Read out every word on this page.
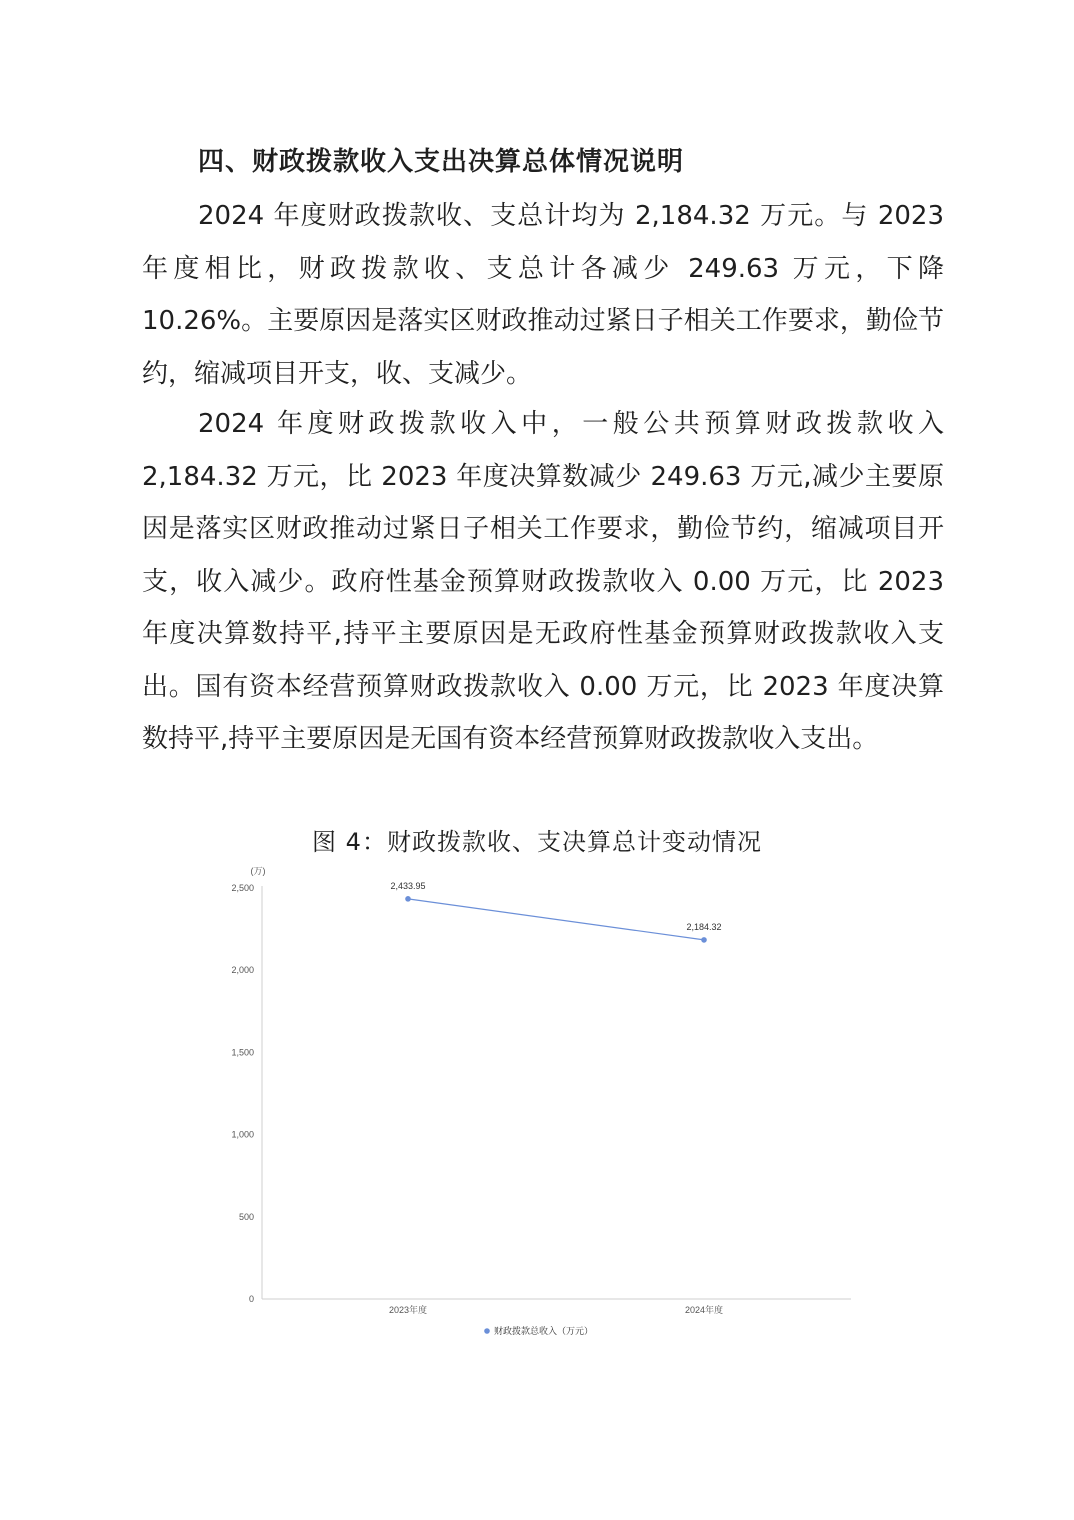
四、财政拨款收入支出决算总体情况说明

2024 年度财政拨款收、支总计均为 2,184.32 万元。与 2023 年度相比，财政拨款收、支总计各减少 249.63 万元，下降 10.26%。主要原因是落实区财政推动过紧日子相关工作要求，勤俭节约，缩减项目开支，收、支减少。

2024 年度财政拨款收入中，一般公共预算财政拨款收入 2,184.32 万元，比 2023 年度决算数减少 249.63 万元,减少主要原因是落实区财政推动过紧日子相关工作要求，勤俭节约，缩减项目开支，收入减少。政府性基金预算财政拨款收入 0.00 万元，比 2023 年度决算数持平,持平主要原因是无政府性基金预算财政拨款收入支出。国有资本经营预算财政拨款收入 0.00 万元，比 2023 年度决算数持平,持平主要原因是无国有资本经营预算财政拨款收入支出。

图 4：财政拨款收、支决算总计变动情况
(万)
0
500
1,000
1,500
2,000
2,500
2023年度	2024年度
2,433.95
2,184.32
财政拨款总收入（万元）
